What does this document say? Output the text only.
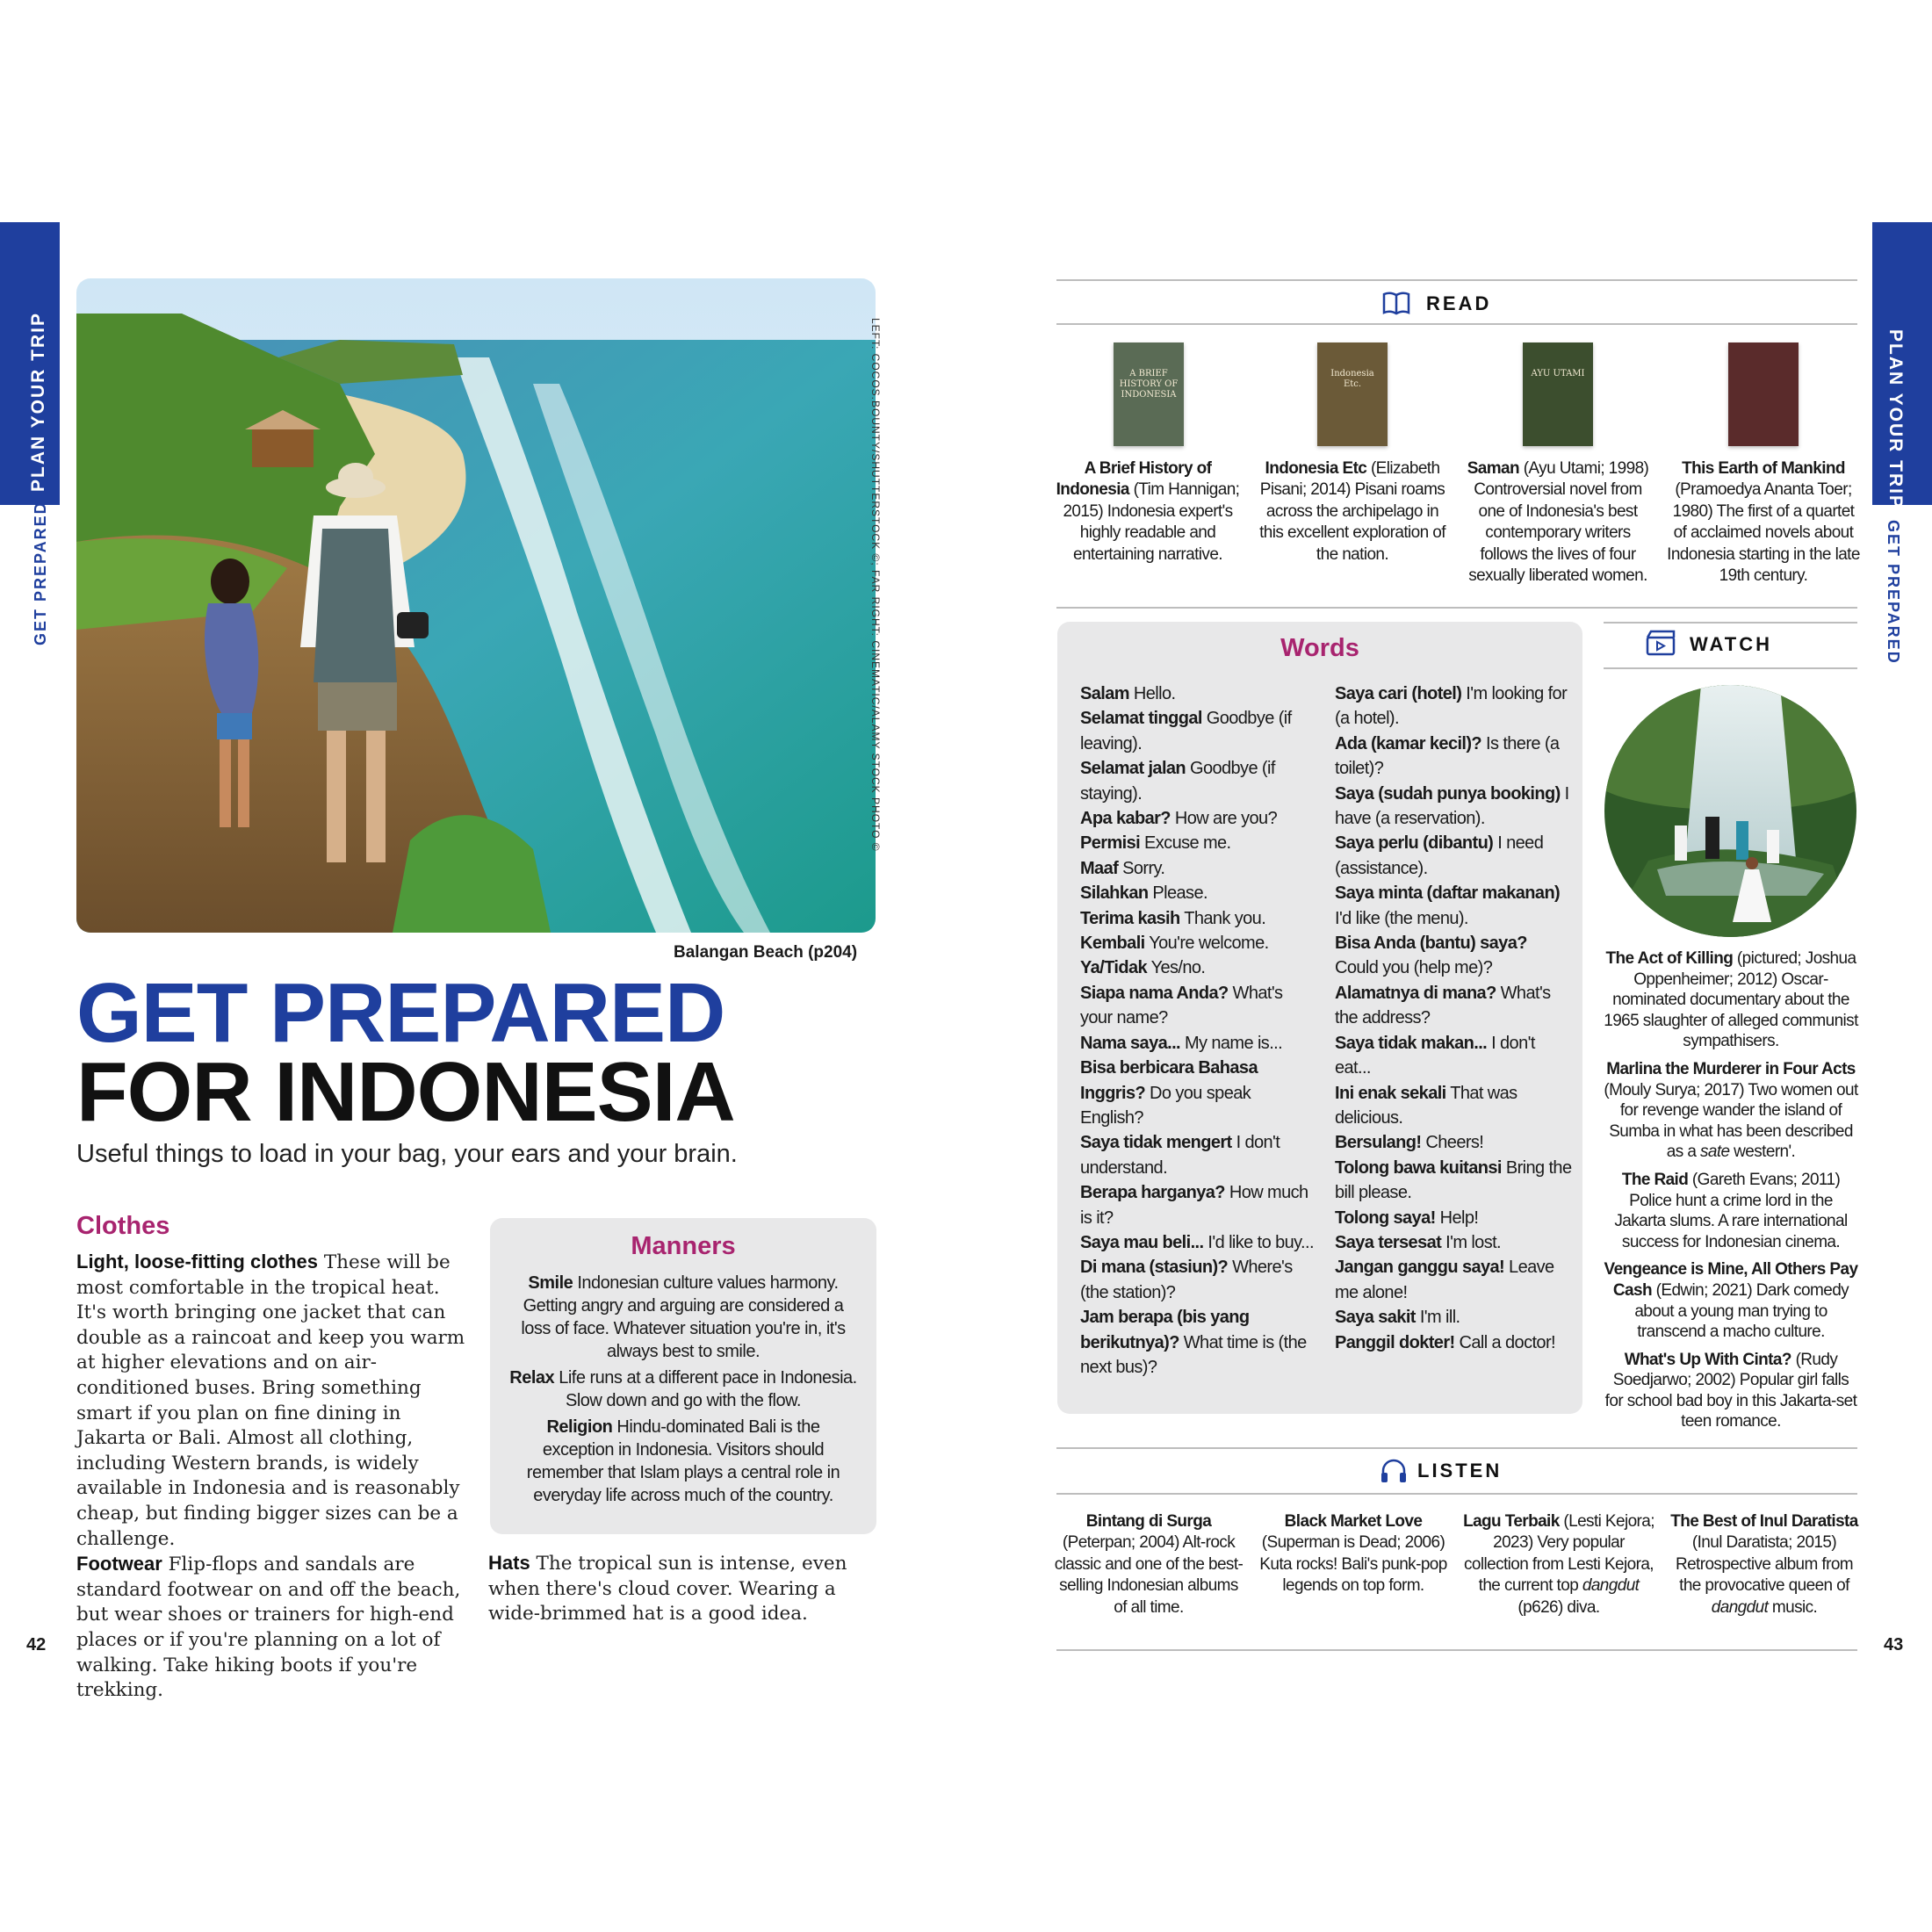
PLAN YOUR TRIP
GET PREPARED
PLAN YOUR TRIP
GET PREPARED
LEFT: COCOS.BOUNTY/SHUTTERSTOCK ©; FAR RIGHT: CINEMATIC/ALAMY STOCK PHOTO ©
Balangan Beach (p204)
GET PREPARED
FOR INDONESIA
Useful things to load in your bag, your ears and your brain.
Clothes

Light, loose-fitting clothes These will be most comfortable in the tropical heat. It's worth bringing one jacket that can double as a raincoat and keep you warm at higher elevations and on air-conditioned buses. Bring something smart if you plan on fine dining in Jakarta or Bali. Almost all clothing, including Western brands, is widely available in Indonesia and is reasonably cheap, but finding bigger sizes can be a challenge.

Footwear Flip-flops and sandals are standard footwear on and off the beach, but wear shoes or trainers for high-end places or if you're planning on a lot of walking. Take hiking boots if you're trekking.

Manners

Smile Indonesian culture values harmony. Getting angry and arguing are considered a loss of face. Whatever situation you're in, it's always best to smile.

Relax Life runs at a different pace in Indonesia. Slow down and go with the flow.

Religion Hindu-dominated Bali is the exception in Indonesia. Visitors should remember that Islam plays a central role in everyday life across much of the country.

Hats The tropical sun is intense, even when there's cloud cover. Wearing a wide-brimmed hat is a good idea.

42
READ
A BRIEF HISTORY OF INDONESIA
A Brief History of Indonesia (Tim Hannigan; 2015) Indonesia expert's highly readable and entertaining narrative.
Indonesia Etc.
Indonesia Etc (Elizabeth Pisani; 2014) Pisani roams across the archipelago in this excellent exploration of the nation.
AYU UTAMI
Saman (Ayu Utami; 1998) Controversial novel from one of Indonesia's best contemporary writers follows the lives of four sexually liberated women.
This Earth of Mankind (Pramoedya Ananta Toer; 1980) The first of a quartet of acclaimed novels about Indonesia starting in the late 19th century.
Words

Salam Hello.

Selamat tinggal Goodbye (if leaving).

Selamat jalan Goodbye (if staying).

Apa kabar? How are you?

Permisi Excuse me.

Maaf Sorry.

Silahkan Please.

Terima kasih Thank you.

Kembali You're welcome.

Ya/Tidak Yes/no.

Siapa nama Anda? What's your name?

Nama saya... My name is...

Bisa berbicara Bahasa Inggris? Do you speak English?

Saya tidak mengert I don't understand.

Berapa harganya? How much is it?

Saya mau beli... I'd like to buy...

Di mana (stasiun)? Where's (the station)?

Jam berapa (bis yang berikutnya)? What time is (the next bus)?

Saya cari (hotel) I'm looking for (a hotel).

Ada (kamar kecil)? Is there (a toilet)?

Saya (sudah punya booking) I have (a reservation).

Saya perlu (dibantu) I need (assistance).

Saya minta (daftar makanan) I'd like (the menu).

Bisa Anda (bantu) saya? Could you (help me)?

Alamatnya di mana? What's the address?

Saya tidak makan... I don't eat...

Ini enak sekali That was delicious.

Bersulang! Cheers!

Tolong bawa kuitansi Bring the bill please.

Tolong saya! Help!

Saya tersesat I'm lost.

Jangan ganggu saya! Leave me alone!

Saya sakit I'm ill.

Panggil dokter! Call a doctor!

WATCH

The Act of Killing (pictured; Joshua Oppenheimer; 2012) Oscar-nominated documentary about the 1965 slaughter of alleged communist sympathisers.

Marlina the Murderer in Four Acts (Mouly Surya; 2017) Two women out for revenge wander the island of Sumba in what has been described as a sate western'.

The Raid (Gareth Evans; 2011) Police hunt a crime lord in the Jakarta slums. A rare international success for Indonesian cinema.

Vengeance is Mine, All Others Pay Cash (Edwin; 2021) Dark comedy about a young man trying to transcend a macho culture.

What's Up With Cinta? (Rudy Soedjarwo; 2002) Popular girl falls for school bad boy in this Jakarta-set teen romance.

LISTEN
Bintang di Surga (Peterpan; 2004) Alt-rock classic and one of the best-selling Indonesian albums of all time.
Black Market Love (Superman is Dead; 2006) Kuta rocks! Bali's punk-pop legends on top form.
Lagu Terbaik (Lesti Kejora; 2023) Very popular collection from Lesti Kejora, the current top dangdut (p626) diva.
The Best of Inul Daratista (Inul Daratista; 2015) Retrospective album from the provocative queen of dangdut music.
43
